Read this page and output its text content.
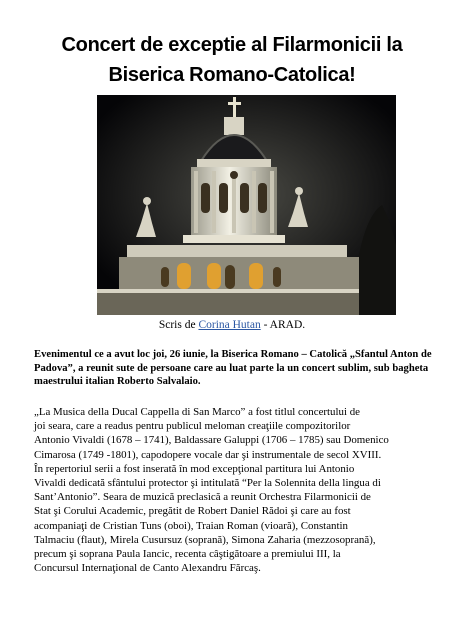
Concert de exceptie al Filarmonicii la
Biserica Romano-Catolica!
Scris de Corina Hutan - ARAD.
Evenimentul ce a avut loc joi, 26 iunie, la Biserica Romano – Catolică „Sfantul Anton de Padova”, a reunit sute de persoane care au luat parte la un concert sublim, sub bagheta maestrului italian Roberto Salvalaio.
„La Musica della Ducal Cappella di San Marco” a fost titlul concertului de
joi seara, care a readus pentru publicul meloman creaţiile compozitorilor
Antonio Vivaldi (1678 – 1741), Baldassare Galuppi (1706 – 1785) sau Domenico
Cimarosa (1749 -1801), capodopere vocale dar şi instrumentale de secol XVIII.
În repertoriul serii a fost inserată în mod excepţional partitura lui Antonio
Vivaldi dedicată sfântului protector şi intitulată “Per la Solennita della lingua di
Sant’Antonio”. Seara de muzică preclasică a reunit Orchestra Filarmonicii de
Stat şi Corului Academic, pregătit de Robert Daniel Rădoi şi care au fost
acompaniaţi de Cristian Tuns (oboi), Traian Roman (vioară), Constantin
Talmaciu (flaut), Mirela Cusursuz (soprană), Simona Zaharia (mezzosoprană),
precum şi soprana Paula Iancic, recenta câştigătoare a premiului III, la
Concursul Internaţional de Canto Alexandru Fărcaş.
